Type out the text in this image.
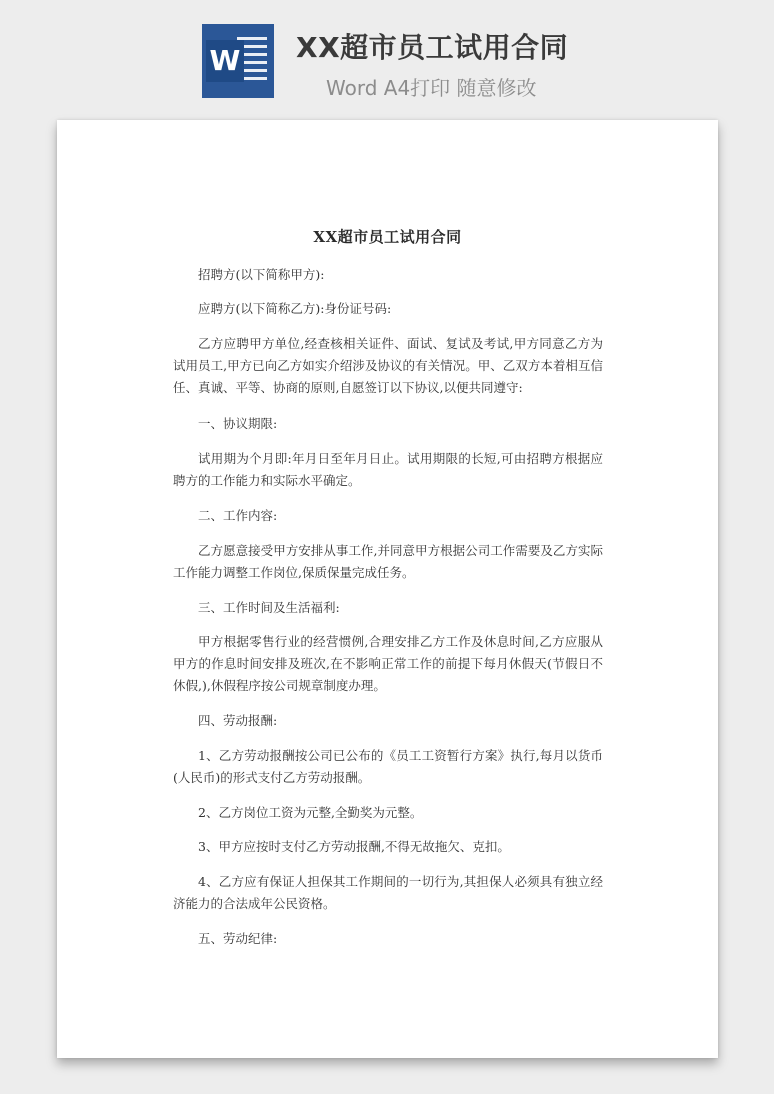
W XX超市员工试用合同
Word A4打印 随意修改
XX超市员工试用合同

招聘方(以下简称甲方):

应聘方(以下简称乙方):身份证号码:

乙方应聘甲方单位,经查核相关证件、面试、复试及考试,甲方同意乙方为试用员工,甲方已向乙方如实介绍涉及协议的有关情况。甲、乙双方本着相互信任、真诚、平等、协商的原则,自愿签订以下协议,以便共同遵守:

一、协议期限:

试用期为个月即:年月日至年月日止。试用期限的长短,可由招聘方根据应聘方的工作能力和实际水平确定。

二、工作内容:

乙方愿意接受甲方安排从事工作,并同意甲方根据公司工作需要及乙方实际工作能力调整工作岗位,保质保量完成任务。

三、工作时间及生活福利:

甲方根据零售行业的经营惯例,合理安排乙方工作及休息时间,乙方应服从甲方的作息时间安排及班次,在不影响正常工作的前提下每月休假天(节假日不休假,),休假程序按公司规章制度办理。

四、劳动报酬:

1、乙方劳动报酬按公司已公布的《员工工资暂行方案》执行,每月以货币(人民币)的形式支付乙方劳动报酬。

2、乙方岗位工资为元整,全勤奖为元整。

3、甲方应按时支付乙方劳动报酬,不得无故拖欠、克扣。

4、乙方应有保证人担保其工作期间的一切行为,其担保人必须具有独立经济能力的合法成年公民资格。

五、劳动纪律:
